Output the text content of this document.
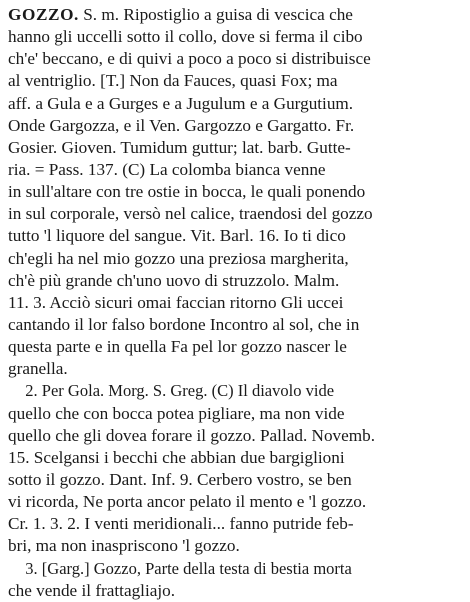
GOZZO. S. m. Ripostiglio a guisa di vescica che
hanno gli uccelli sotto il collo, dove si ferma il cibo
ch'e' beccano, e di quivi a poco a poco si distribuisce
al ventriglio. [T.] Non da Fauces, quasi Fox; ma
aff. a Gula e a Gurges e a Jugulum e a Gurgutium.
Onde Gargozza, e il Ven. Gargozzo e Gargatto. Fr.
Gosier. Gioven. Tumidum guttur; lat. barb. Gutte-
ria. = Pass. 137. (C) La colomba bianca venne
in sull'altare con tre ostie in bocca, le quali ponendo
in sul corporale, versò nel calice, traendosi del gozzo
tutto 'l liquore del sangue. Vit. Barl. 16. Io ti dico
ch'egli ha nel mio gozzo una preziosa margherita,
ch'è più grande ch'uno uovo di struzzolo. Malm.
11. 3. Acciò sicuri omai faccian ritorno Gli uccei
cantando il lor falso bordone Incontro al sol, che in
questa parte e in quella Fa pel lor gozzo nascer le
granella.
2. Per Gola. Morg. S. Greg. (C) Il diavolo vide
quello che con bocca potea pigliare, ma non vide
quello che gli dovea forare il gozzo. Pallad. Novemb.
15. Scelgansi i becchi che abbian due bargiglioni
sotto il gozzo. Dant. Inf. 9. Cerbero vostro, se ben
vi ricorda, Ne porta ancor pelato il mento e 'l gozzo.
Cr. 1. 3. 2. I venti meridionali... fanno putride feb-
bri, ma non inaspriscono 'l gozzo.
3. [Garg.] Gozzo, Parte della testa di bestia morta
che vende il frattagliajo.
